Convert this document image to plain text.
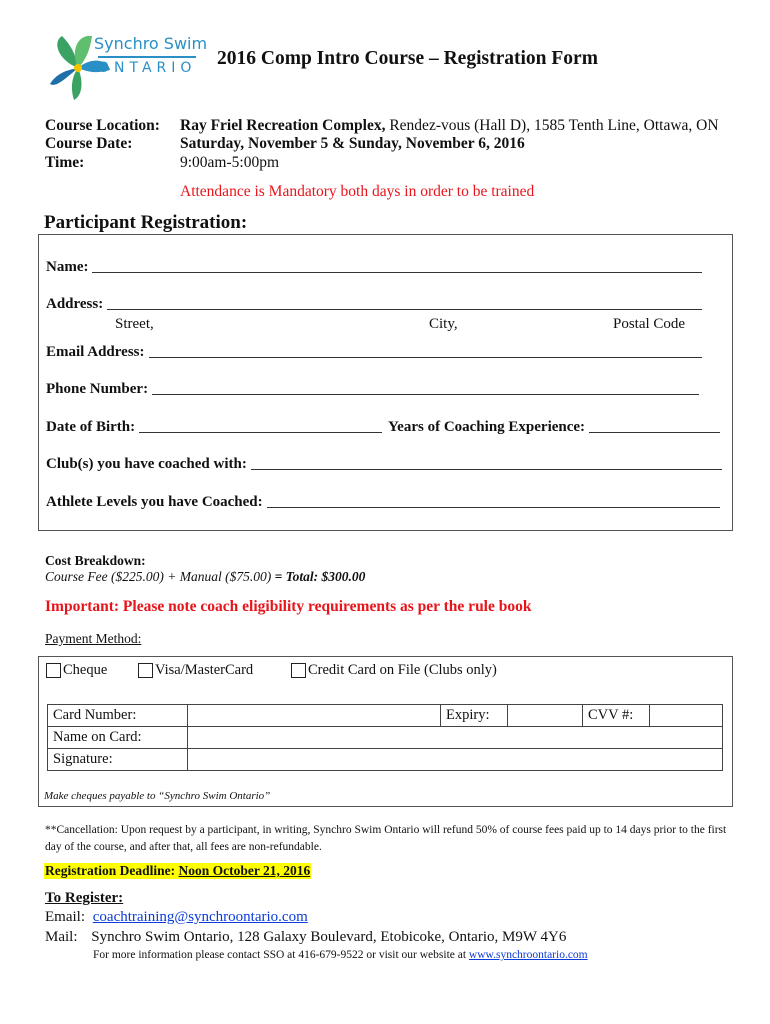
Synchro Swim
ONTARIO 2016 Comp Intro Course – Registration Form
Course Location: Ray Friel Recreation Complex, Rendez-vous (Hall D), 1585 Tenth Line, Ottawa, ON
Course Date:	Saturday, November 5 & Sunday, November 6, 2016
Time:	9:00am-5:00pm
Attendance is Mandatory both days in order to be trained
Participant Registration:
Name:
Address:
Street,	City,	Postal Code
Email Address:
Phone Number:
Date of Birth:	Years of Coaching Experience:
Club(s) you have coached with:
Athlete Levels you have Coached:
Cost Breakdown:
Course Fee ($225.00) + Manual ($75.00) = Total: $300.00
Important: Please note coach eligibility requirements as per the rule book
Payment Method:
Cheque	Visa/MasterCard	Credit Card on File (Clubs only)
Card Number:		Expiry:		CVV #:	
Name on Card:					
Signature:					
Make cheques payable to “Synchro Swim Ontario”
**Cancellation: Upon request by a participant, in writing, Synchro Swim Ontario will refund 50% of course fees paid up to 14 days prior to the first day of the course, and after that, all fees are non-refundable.
Registration Deadline: Noon October 21, 2016
To Register:
Email: coachtraining@synchroontario.com
Mail: Synchro Swim Ontario, 128 Galaxy Boulevard, Etobicoke, Ontario, M9W 4Y6
For more information please contact SSO at 416-679-9522 or visit our website at www.synchroontario.com
